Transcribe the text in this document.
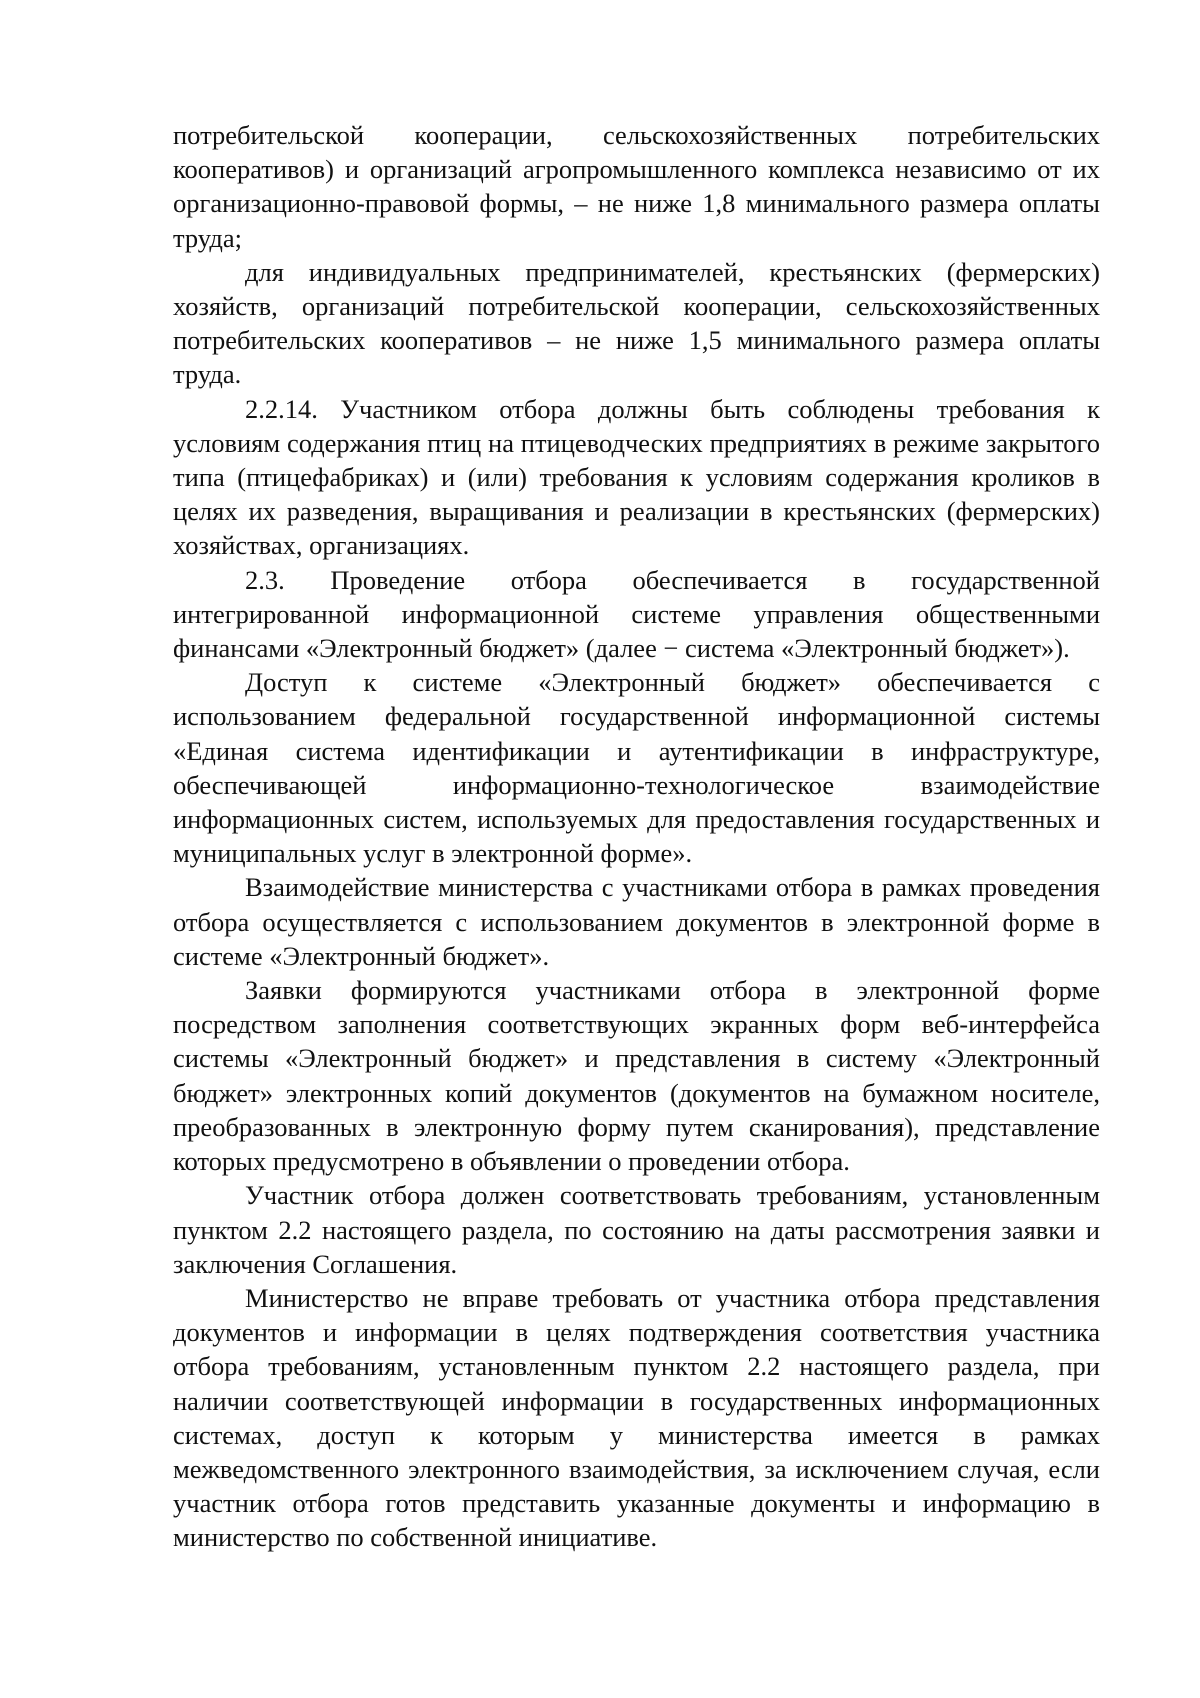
потребительской кооперации, сельскохозяйственных потребительских кооперативов) и организаций агропромышленного комплекса независимо от их организационно-правовой формы, – не ниже 1,8 минимального размера оплаты труда;

для индивидуальных предпринимателей, крестьянских (фермерских) хозяйств, организаций потребительской кооперации, сельскохозяйственных потребительских кооперативов – не ниже 1,5 минимального размера оплаты труда.

2.2.14. Участником отбора должны быть соблюдены требования к условиям содержания птиц на птицеводческих предприятиях в режиме закрытого типа (птицефабриках) и (или) требования к условиям содержания кроликов в целях их разведения, выращивания и реализации в крестьянских (фермерских) хозяйствах, организациях.

2.3. Проведение отбора обеспечивается в государственной интегрированной информационной системе управления общественными финансами «Электронный бюджет» (далее − система «Электронный бюджет»).

Доступ к системе «Электронный бюджет» обеспечивается с использованием федеральной государственной информационной системы «Единая система идентификации и аутентификации в инфраструктуре, обеспечивающей информационно-технологическое взаимодействие информационных систем, используемых для предоставления государственных и муниципальных услуг в электронной форме».

Взаимодействие министерства с участниками отбора в рамках проведения отбора осуществляется с использованием документов в электронной форме в системе «Электронный бюджет».

Заявки формируются участниками отбора в электронной форме посредством заполнения соответствующих экранных форм веб-интерфейса системы «Электронный бюджет» и представления в систему «Электронный бюджет» электронных копий документов (документов на бумажном носителе, преобразованных в электронную форму путем сканирования), представление которых предусмотрено в объявлении о проведении отбора.

Участник отбора должен соответствовать требованиям, установленным пунктом 2.2 настоящего раздела, по состоянию на даты рассмотрения заявки и заключения Соглашения.

Министерство не вправе требовать от участника отбора представления документов и информации в целях подтверждения соответствия участника отбора требованиям, установленным пунктом 2.2 настоящего раздела, при наличии соответствующей информации в государственных информационных системах, доступ к которым у министерства имеется в рамках межведомственного электронного взаимодействия, за исключением случая, если участник отбора готов представить указанные документы и информацию в министерство по собственной инициативе.
